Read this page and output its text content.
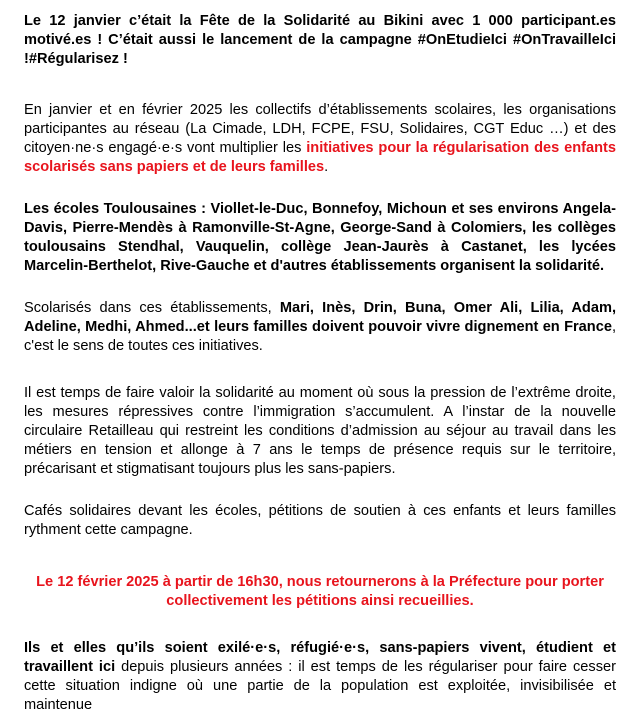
Le 12 janvier c’était la Fête de la Solidarité au Bikini avec 1 000 participant.es motivé.es ! C’était aussi le lancement de la campagne #OnEtudieIci #OnTravailleIci !#Régularisez !

En janvier et en février 2025 les collectifs d’établissements scolaires, les organisations participantes au réseau (La Cimade, LDH, FCPE, FSU, Solidaires, CGT Educ …) et des citoyen·ne·s engagé·e·s vont multiplier les initiatives pour la régularisation des enfants scolarisés sans papiers et de leurs familles.

Les écoles Toulousaines : Viollet-le-Duc, Bonnefoy, Michoun et ses environs Angela-Davis, Pierre-Mendès à Ramonville-St-Agne, George-Sand à Colomiers, les collèges toulousains Stendhal, Vauquelin, collège Jean-Jaurès à Castanet, les lycées Marcelin-Berthelot, Rive-Gauche et d'autres établissements organisent la solidarité.

Scolarisés dans ces établissements, Mari, Inès, Drin, Buna, Omer Ali, Lilia, Adam, Adeline, Medhi, Ahmed...et leurs familles doivent pouvoir vivre dignement en France, c'est le sens de toutes ces initiatives.

Il est temps de faire valoir la solidarité au moment où sous la pression de l’extrême droite, les mesures répressives contre l’immigration s’accumulent. A l’instar de la nouvelle circulaire Retailleau qui restreint les conditions d’admission au séjour au travail dans les métiers en tension et allonge à 7 ans le temps de présence requis sur le territoire, précarisant et stigmatisant toujours plus les sans-papiers.

Cafés solidaires devant les écoles, pétitions de soutien à ces enfants et leurs familles rythment cette campagne.

Le 12 février 2025 à partir de 16h30, nous retournerons à la Préfecture pour porter collectivement les pétitions ainsi recueillies.

Ils et elles qu’ils soient exilé·e·s, réfugié·e·s, sans-papiers vivent, étudient et travaillent ici depuis plusieurs années : il est temps de les régulariser pour faire cesser cette situation indigne où une partie de la population est exploitée, invisibilisée et maintenue
